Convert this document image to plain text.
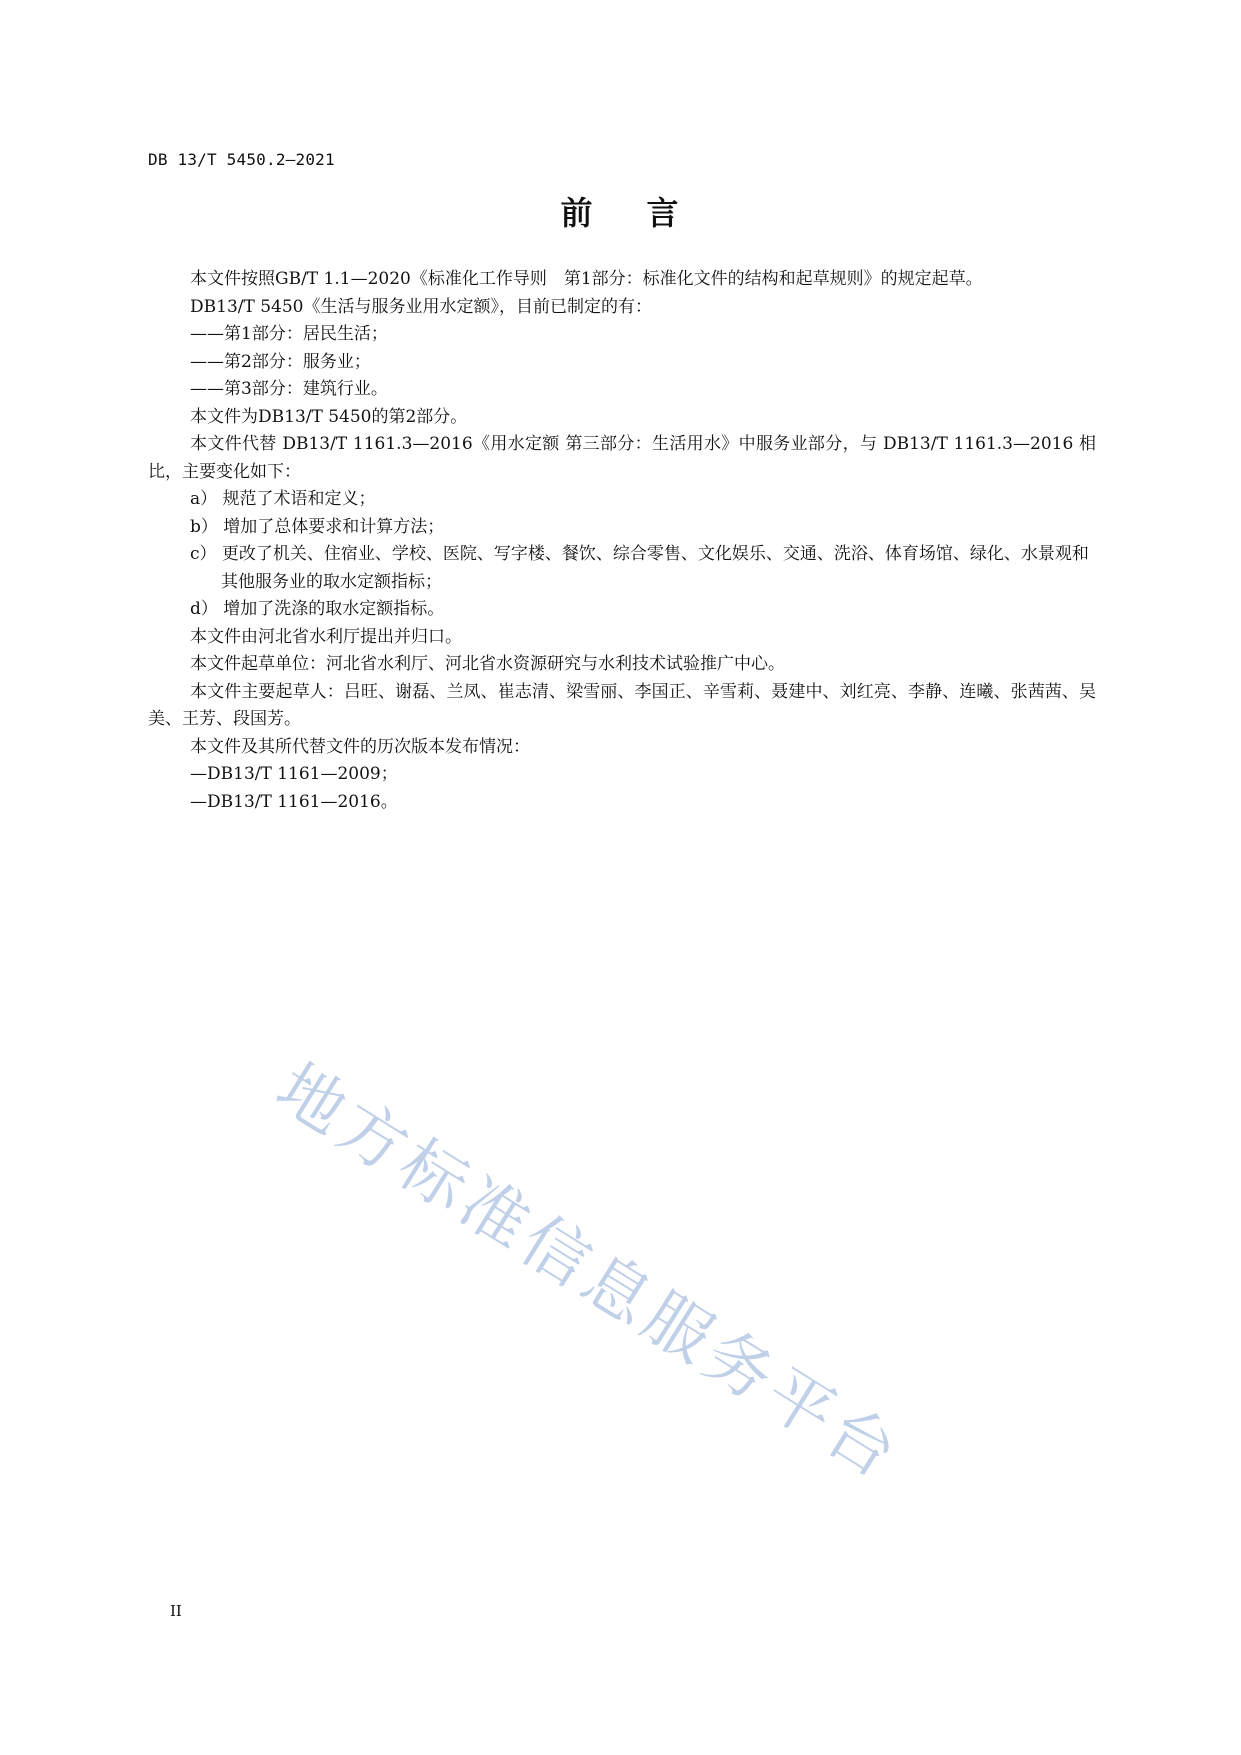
DB 13/T 5450.2—2021
前 言

本文件按照GB/T 1.1—2020《标准化工作导则　第1部分：标准化文件的结构和起草规则》的规定起草。

DB13/T 5450《生活与服务业用水定额》，目前已制定的有：

——第1部分：居民生活；

——第2部分：服务业；

——第3部分：建筑行业。

本文件为DB13/T 5450的第2部分。

本文件代替 DB13/T 1161.3—2016《用水定额 第三部分：生活用水》中服务业部分，与 DB13/T 1161.3—2016 相比，主要变化如下：

a） 规范了术语和定义；

b） 增加了总体要求和计算方法；

c） 更改了机关、住宿业、学校、医院、写字楼、餐饮、综合零售、文化娱乐、交通、洗浴、体育场馆、绿化、水景观和其他服务业的取水定额指标；

d） 增加了洗涤的取水定额指标。

本文件由河北省水利厅提出并归口。

本文件起草单位：河北省水利厅、河北省水资源研究与水利技术试验推广中心。

本文件主要起草人：吕旺、谢磊、兰凤、崔志清、梁雪丽、李国正、辛雪莉、聂建中、刘红亮、李静、连曦、张茜茜、吴美、王芳、段国芳。

本文件及其所代替文件的历次版本发布情况：

—DB13/T 1161—2009；

—DB13/T 1161—2016。

地方标准信息服务平台
II
